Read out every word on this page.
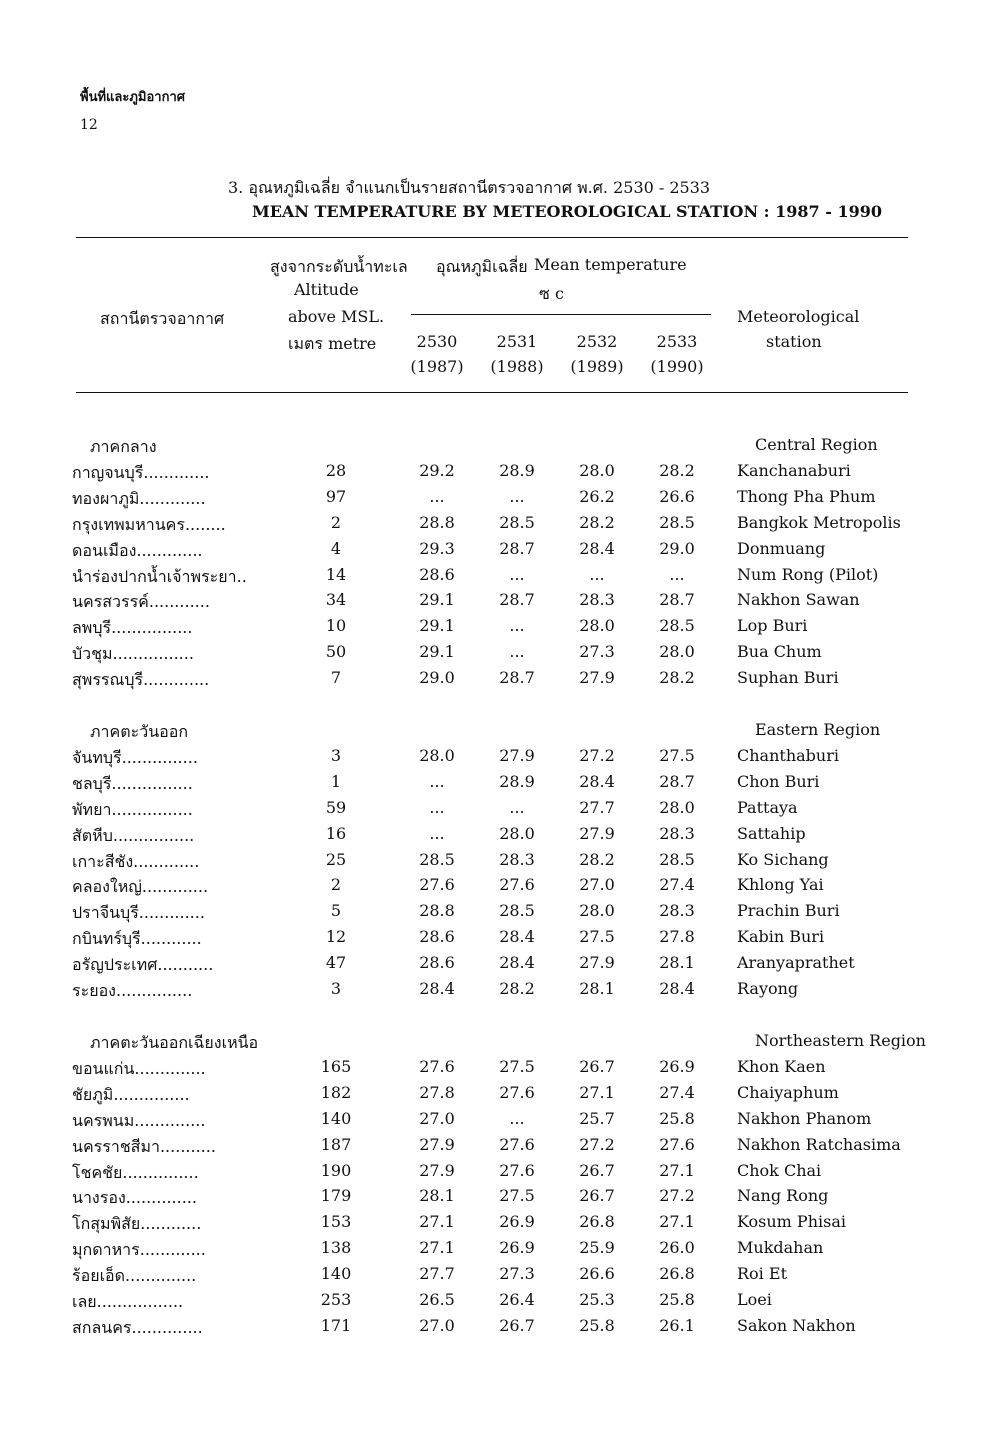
พื้นที่และภูมิอากาศ
12
3. อุณหภูมิเฉลี่ย จำแนกเป็นรายสถานีตรวจอากาศ พ.ศ. 2530 - 2533
MEAN TEMPERATURE BY METEOROLOGICAL STATION : 1987 - 1990
สถานีตรวจอากาศ
สูงจากระดับน้ำทะเล
Altitude
above MSL.
เมตร metre
อุณหภูมิเฉลี่ย Mean temperature
ซ c
Meteorological
station
2530	2531	2532	2533
(1987)	(1988)	(1989)	(1990)
ภาคกลาง	Central Region
กาญจนบุรี.............	28	29.2	28.9	28.0	28.2	Kanchanaburi
ทองผาภูมิ.............	97	...	...	26.2	26.6	Thong Pha Phum
กรุงเทพมหานคร........	2	28.8	28.5	28.2	28.5	Bangkok Metropolis
ดอนเมือง.............	4	29.3	28.7	28.4	29.0	Donmuang
นำร่องปากน้ำเจ้าพระยา..	14	28.6	...	...	...	Num Rong (Pilot)
นครสวรรค์............	34	29.1	28.7	28.3	28.7	Nakhon Sawan
ลพบุรี................	10	29.1	...	28.0	28.5	Lop Buri
บัวชุม................	50	29.1	...	27.3	28.0	Bua Chum
สุพรรณบุรี.............	7	29.0	28.7	27.9	28.2	Suphan Buri
ภาคตะวันออก	Eastern Region
จันทบุรี...............	3	28.0	27.9	27.2	27.5	Chanthaburi
ชลบุรี................	1	...	28.9	28.4	28.7	Chon Buri
พัทยา................	59	...	...	27.7	28.0	Pattaya
สัตหีบ................	16	...	28.0	27.9	28.3	Sattahip
เกาะสีชัง.............	25	28.5	28.3	28.2	28.5	Ko Sichang
คลองใหญ่.............	2	27.6	27.6	27.0	27.4	Khlong Yai
ปราจีนบุรี.............	5	28.8	28.5	28.0	28.3	Prachin Buri
กบินทร์บุรี............	12	28.6	28.4	27.5	27.8	Kabin Buri
อรัญประเทศ...........	47	28.6	28.4	27.9	28.1	Aranyaprathet
ระยอง...............	3	28.4	28.2	28.1	28.4	Rayong
ภาคตะวันออกเฉียงเหนือ	Northeastern Region
ขอนแก่น..............	165	27.6	27.5	26.7	26.9	Khon Kaen
ชัยภูมิ...............	182	27.8	27.6	27.1	27.4	Chaiyaphum
นครพนม..............	140	27.0	...	25.7	25.8	Nakhon Phanom
นครราชสีมา...........	187	27.9	27.6	27.2	27.6	Nakhon Ratchasima
โชคชัย...............	190	27.9	27.6	26.7	27.1	Chok Chai
นางรอง..............	179	28.1	27.5	26.7	27.2	Nang Rong
โกสุมพิสัย............	153	27.1	26.9	26.8	27.1	Kosum Phisai
มุกดาหาร.............	138	27.1	26.9	25.9	26.0	Mukdahan
ร้อยเอ็ด..............	140	27.7	27.3	26.6	26.8	Roi Et
เลย.................	253	26.5	26.4	25.3	25.8	Loei
สกลนคร..............	171	27.0	26.7	25.8	26.1	Sakon Nakhon
